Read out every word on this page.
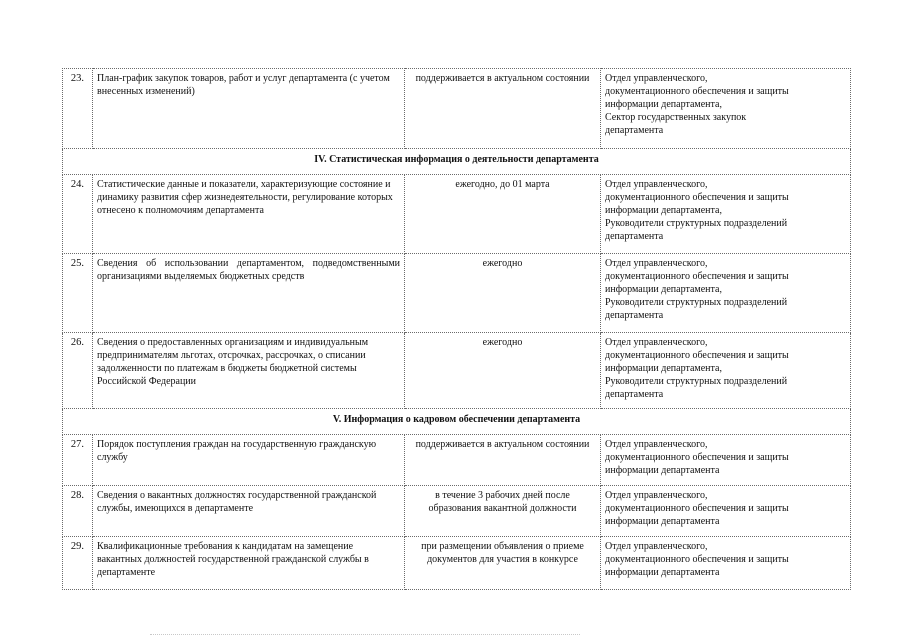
23.	План-график закупок товаров, работ и услуг департамента (с учетом внесенных изменений)	поддерживается в актуальном состоянии	Отдел управленческого,
документационного обеспечения и защиты
информации департамента,
Сектор государственных закупок
департамента

IV. Статистическая информация о деятельности департамента			
24.	Статистические данные и показатели, характеризующие состояние и динамику развития сфер жизнедеятельности, регулирование которых отнесено к полномочиям департамента	ежегодно, до 01 марта	Отдел управленческого,
документационного обеспечения и защиты
информации департамента,
Руководители структурных подразделений
департамента

25.	Сведения об использовании департаментом, подведомственными организациями выделяемых бюджетных средств	ежегодно	Отдел управленческого,
документационного обеспечения и защиты
информации департамента,
Руководители структурных подразделений
департамента

26.	Сведения о предоставленных организациям и индивидуальным предпринимателям льготах, отсрочках, рассрочках, о списании задолженности по платежам в бюджеты бюджетной системы Российской Федерации	ежегодно	Отдел управленческого,
документационного обеспечения и защиты
информации департамента,
Руководители структурных подразделений
департамента

V. Информация о кадровом обеспечении департамента			
27.	Порядок поступления граждан на государственную гражданскую службу	поддерживается в актуальном состоянии	Отдел управленческого,
документационного обеспечения и защиты
информации департамента

28.	Сведения о вакантных должностях государственной гражданской службы, имеющихся в департаменте	в течение 3 рабочих дней после образования вакантной должности	Отдел управленческого,
документационного обеспечения и защиты
информации департамента

29.	Квалификационные требования к кандидатам на замещение вакантных должностей государственной гражданской службы в департаменте	при размещении объявления о приеме документов для участия в конкурсе	Отдел управленческого,
документационного обеспечения и защиты
информации департамента
